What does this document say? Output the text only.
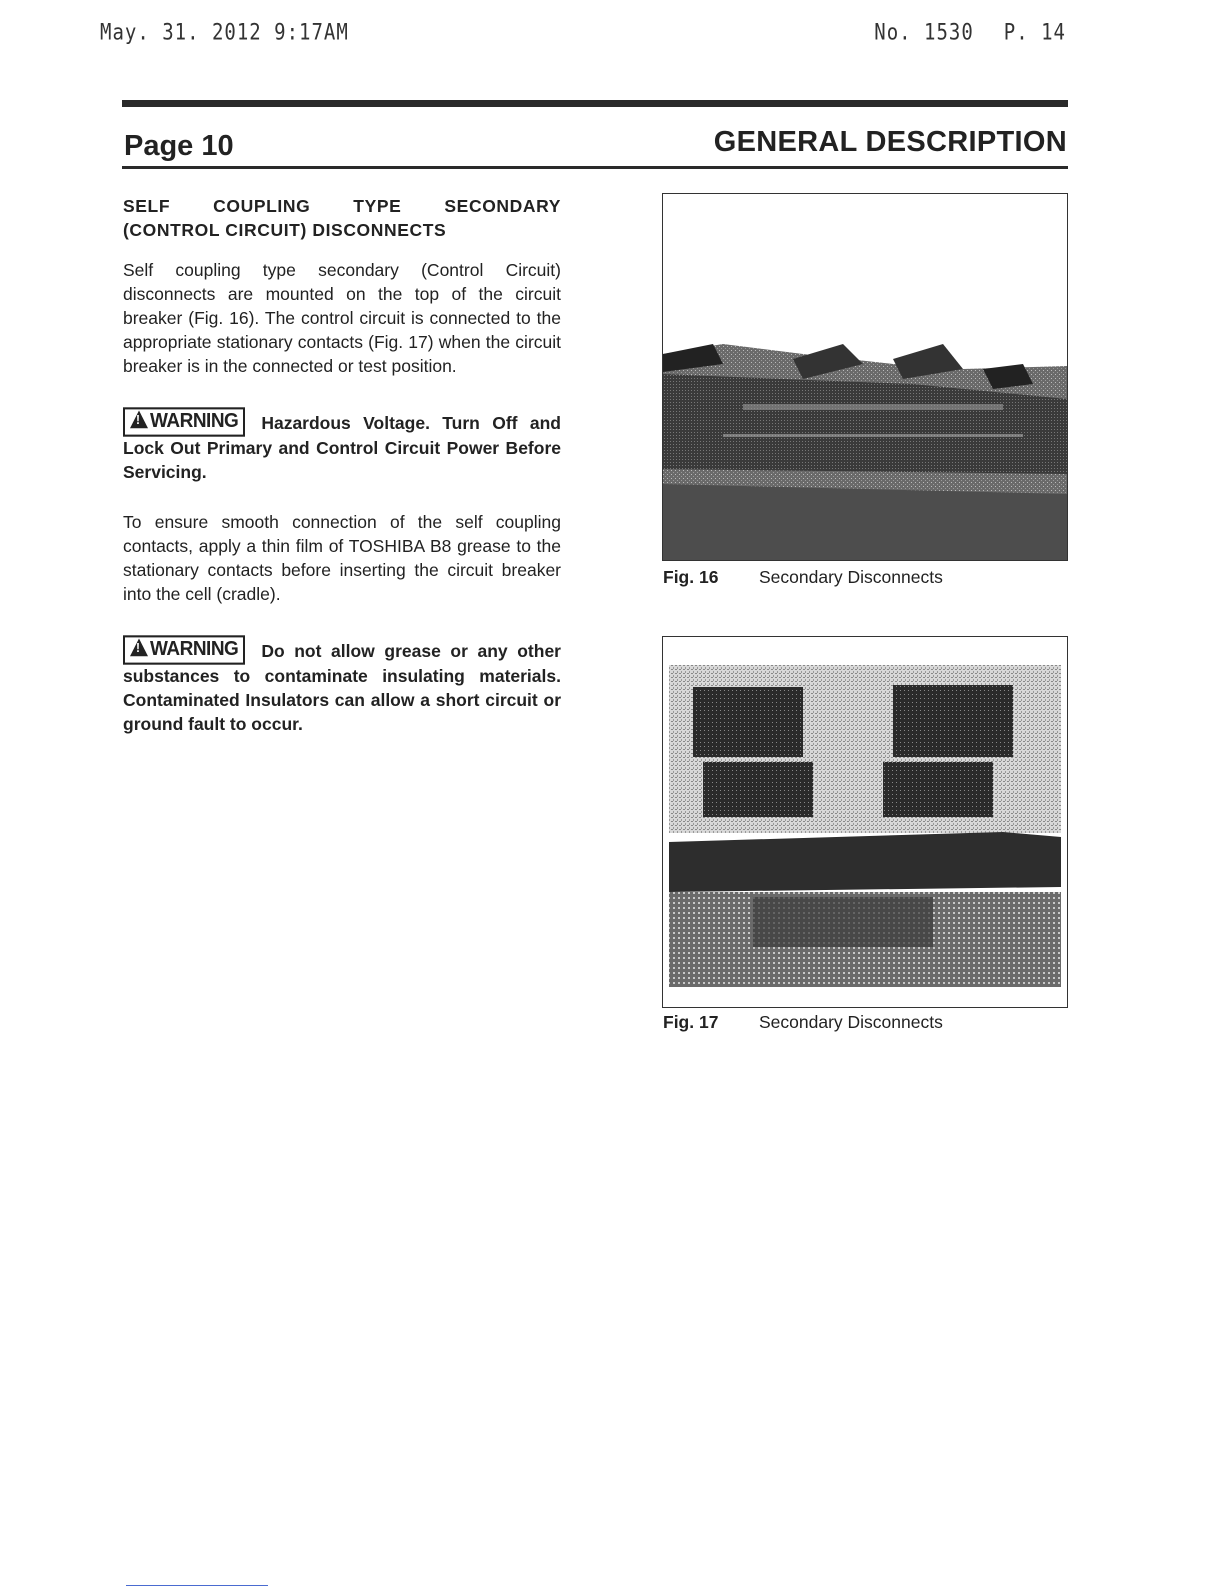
May. 31. 2012 9:17AM	No. 1530 P. 14
Page 10	GENERAL DESCRIPTION
SELF COUPLING TYPE SECONDARY
(CONTROL CIRCUIT) DISCONNECTS
Self coupling type secondary (Control Circuit) disconnects are mounted on the top of the circuit breaker (Fig. 16). The control circuit is connected to the appropriate stationary contacts (Fig. 17) when the circuit breaker is in the connected or test position.
!WARNING Hazardous Voltage. Turn Off and Lock Out Primary and Control Circuit Power Before Servicing.
To ensure smooth connection of the self coupling contacts, apply a thin film of TOSHIBA B8 grease to the stationary contacts before inserting the circuit breaker into the cell (cradle).
!WARNING Do not allow grease or any other substances to contaminate insulating materials. Contaminated Insulators can allow a short circuit or ground fault to occur.
Fig. 16 Secondary Disconnects
Fig. 17 Secondary Disconnects
